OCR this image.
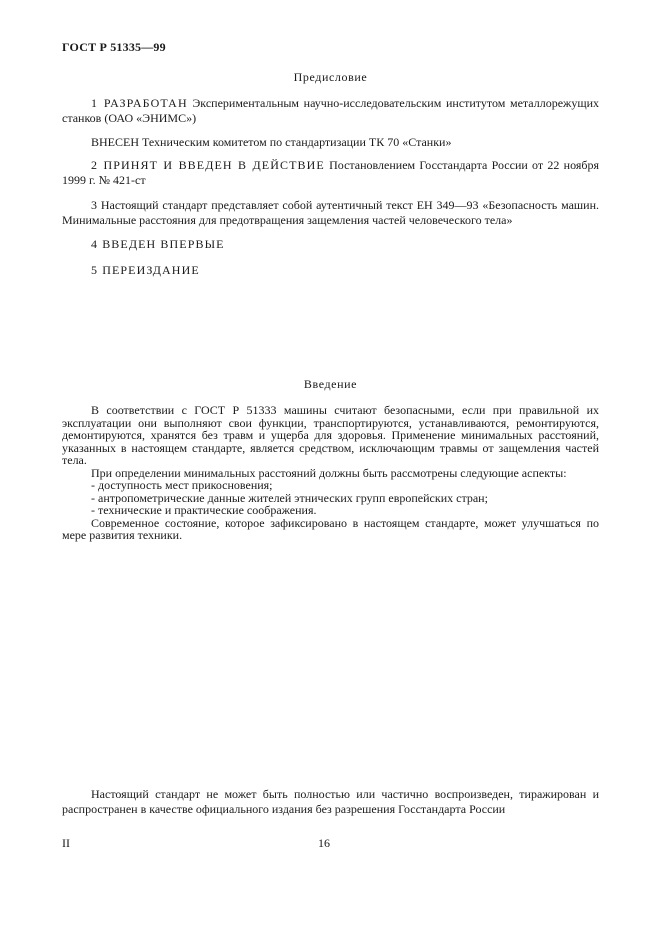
ГОСТ Р 51335—99
Предисловие
1 РАЗРАБОТАН Экспериментальным научно-исследовательским институтом металлорежущих станков (ОАО «ЭНИМС»)
ВНЕСЕН Техническим комитетом по стандартизации ТК 70 «Станки»
2 ПРИНЯТ И ВВЕДЕН В ДЕЙСТВИЕ Постановлением Госстандарта России от 22 ноября 1999 г. № 421-ст
3 Настоящий стандарт представляет собой аутентичный текст ЕН 349—93 «Безопасность машин. Минимальные расстояния для предотвращения защемления частей человеческого тела»
4 ВВЕДЕН ВПЕРВЫЕ
5 ПЕРЕИЗДАНИЕ
Введение

В соответствии с ГОСТ Р 51333 машины считают безопасными, если при правильной их эксплуатации они выполняют свои функции, транспортируются, устанавливаются, ремонтируются, демонтируются, хранятся без травм и ущерба для здоровья. Применение минимальных расстояний, указанных в настоящем стандарте, является средством, исключающим травмы от защемления частей тела.

При определении минимальных расстояний должны быть рассмотрены следующие аспекты:

- доступность мест прикосновения;

- антропометрические данные жителей этнических групп европейских стран;

- технические и практические соображения.

Современное состояние, которое зафиксировано в настоящем стандарте, может улучшаться по мере развития техники.

Настоящий стандарт не может быть полностью или частично воспроизведен, тиражирован и распространен в качестве официального издания без разрешения Госстандарта России
II	16
